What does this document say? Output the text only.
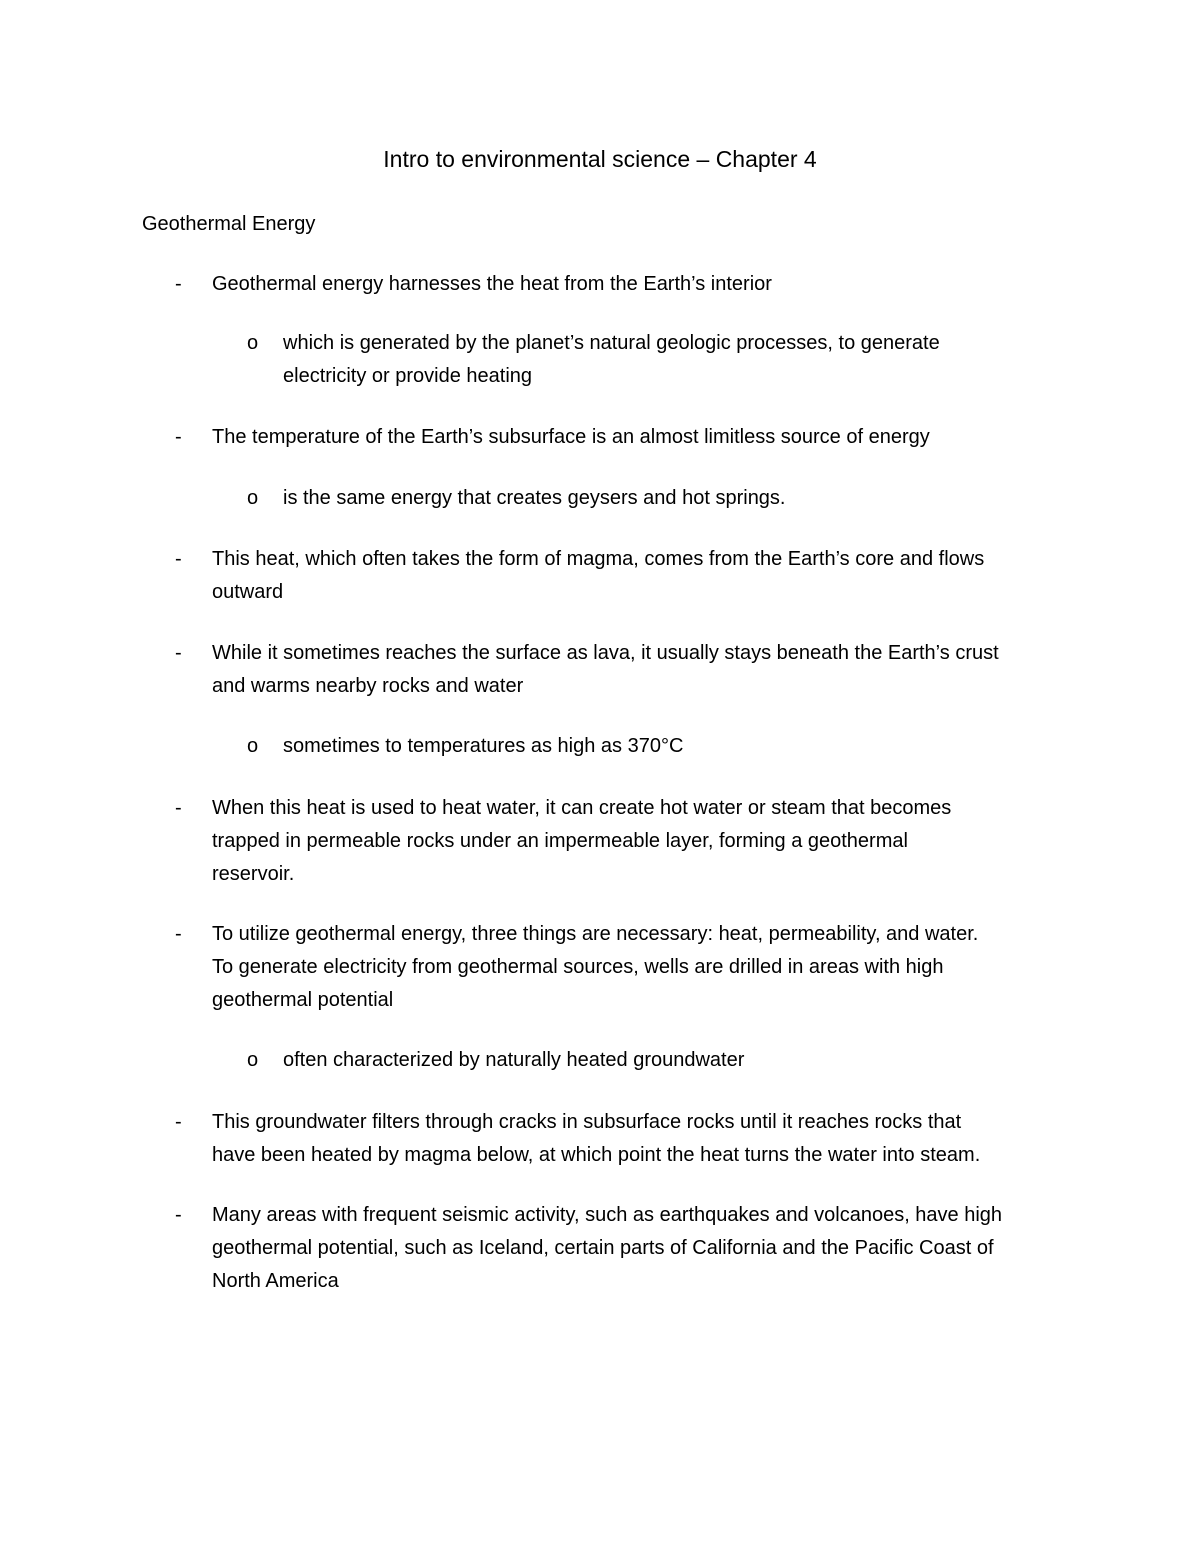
Intro to environmental science – Chapter 4
Geothermal Energy
- Geothermal energy harnesses the heat from the Earth’s interior
o which is generated by the planet’s natural geologic processes, to generate
electricity or provide heating
- The temperature of the Earth’s subsurface is an almost limitless source of energy
o is the same energy that creates geysers and hot springs.
- This heat, which often takes the form of magma, comes from the Earth’s core and flows
outward
- While it sometimes reaches the surface as lava, it usually stays beneath the Earth’s crust
and warms nearby rocks and water
o sometimes to temperatures as high as 370°C
- When this heat is used to heat water, it can create hot water or steam that becomes
trapped in permeable rocks under an impermeable layer, forming a geothermal
reservoir.
- To utilize geothermal energy, three things are necessary: heat, permeability, and water.
To generate electricity from geothermal sources, wells are drilled in areas with high
geothermal potential
o often characterized by naturally heated groundwater
- This groundwater filters through cracks in subsurface rocks until it reaches rocks that
have been heated by magma below, at which point the heat turns the water into steam.
- Many areas with frequent seismic activity, such as earthquakes and volcanoes, have high
geothermal potential, such as Iceland, certain parts of California and the Pacific Coast of
North America
